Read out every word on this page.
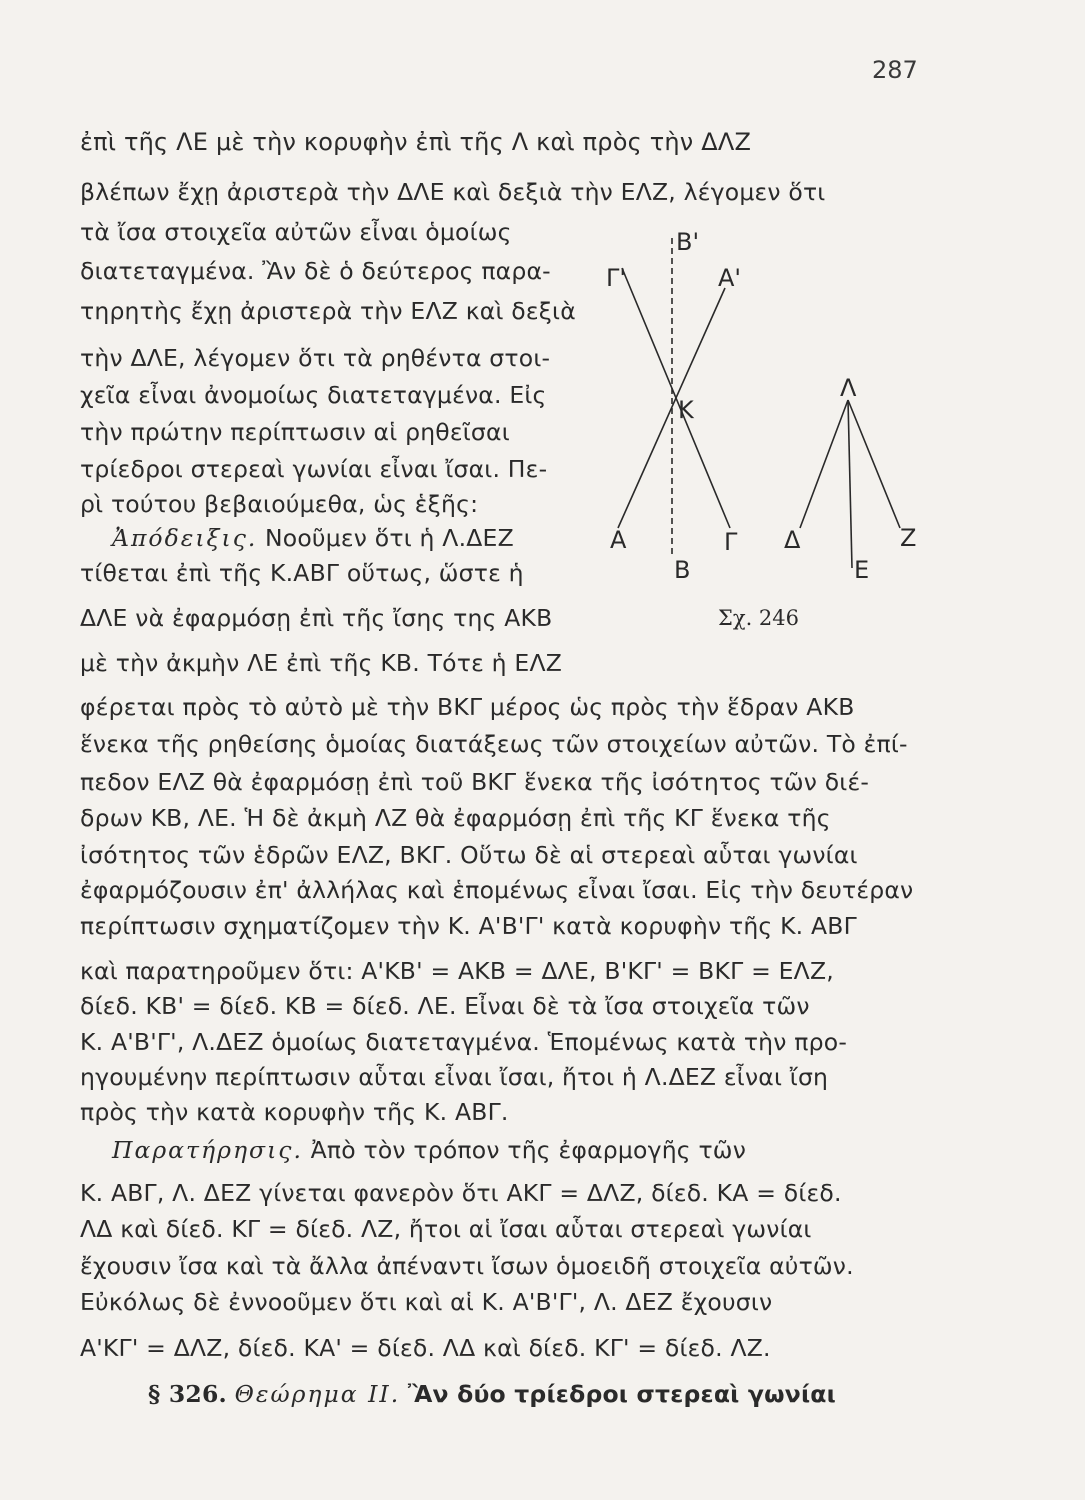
287
ἐπὶ τῆς ΛΕ μὲ τὴν κορυφὴν ἐπὶ τῆς Λ καὶ πρὸς τὴν ΔΛΖ
βλέπων ἔχῃ ἀριστερὰ τὴν ΔΛΕ καὶ δεξιὰ τὴν ΕΛΖ, λέγομεν ὅτι
τὰ ἴσα στοιχεῖα αὐτῶν εἶναι ὁμοίως
διατεταγμένα. Ἂν δὲ ὁ δεύτερος παρα-
τηρητὴς ἔχῃ ἀριστερὰ τὴν ΕΛΖ καὶ δεξιὰ
τὴν ΔΛΕ, λέγομεν ὅτι τὰ ρηθέντα στοι-
χεῖα εἶναι ἀνομοίως διατεταγμένα. Εἰς
τὴν πρώτην περίπτωσιν αἱ ρηθεῖσαι
τρίεδροι στερεαὶ γωνίαι εἶναι ἴσαι. Πε-
ρὶ τούτου βεβαιούμεθα, ὡς ἑξῆς:
Ἀπόδειξις. Νοοῦμεν ὅτι ἡ Λ.ΔΕΖ
τίθεται ἐπὶ τῆς Κ.ΑΒΓ οὕτως, ὥστε ἡ
ΔΛΕ νὰ ἐφαρμόσῃ ἐπὶ τῆς ἴσης της ΑΚΒ
μὲ τὴν ἀκμὴν ΛΕ ἐπὶ τῆς ΚΒ. Τότε ἡ ΕΛΖ
φέρεται πρὸς τὸ αὐτὸ μὲ τὴν ΒΚΓ μέρος ὡς πρὸς τὴν ἕδραν ΑΚΒ
ἕνεκα τῆς ρηθείσης ὁμοίας διατάξεως τῶν στοιχείων αὐτῶν. Τὸ ἐπί-
πεδον ΕΛΖ θὰ ἐφαρμόσῃ ἐπὶ τοῦ ΒΚΓ ἕνεκα τῆς ἰσότητος τῶν διέ-
δρων ΚΒ, ΛΕ. Ἡ δὲ ἀκμὴ ΛΖ θὰ ἐφαρμόσῃ ἐπὶ τῆς ΚΓ ἕνεκα τῆς
ἰσότητος τῶν ἑδρῶν ΕΛΖ, ΒΚΓ. Οὕτω δὲ αἱ στερεαὶ αὗται γωνίαι
ἐφαρμόζουσιν ἐπ' ἀλλήλας καὶ ἑπομένως εἶναι ἴσαι. Εἰς τὴν δευτέραν
περίπτωσιν σχηματίζομεν τὴν Κ. Α'Β'Γ' κατὰ κορυφὴν τῆς Κ. ΑΒΓ
καὶ παρατηροῦμεν ὅτι: Α'ΚΒ' = ΑΚΒ = ΔΛΕ, Β'ΚΓ' = ΒΚΓ = ΕΛΖ,
δίεδ. ΚΒ' = δίεδ. ΚΒ = δίεδ. ΛΕ. Εἶναι δὲ τὰ ἴσα στοιχεῖα τῶν
Κ. Α'Β'Γ', Λ.ΔΕΖ ὁμοίως διατεταγμένα. Ἑπομένως κατὰ τὴν προ-
ηγουμένην περίπτωσιν αὗται εἶναι ἴσαι, ἤτοι ἡ Λ.ΔΕΖ εἶναι ἴση
πρὸς τὴν κατὰ κορυφὴν τῆς Κ. ΑΒΓ.
Παρατήρησις. Ἀπὸ τὸν τρόπον τῆς ἐφαρμογῆς τῶν
Κ. ΑΒΓ, Λ. ΔΕΖ γίνεται φανερὸν ὅτι ΑΚΓ = ΔΛΖ, δίεδ. ΚΑ = δίεδ.
ΛΔ καὶ δίεδ. ΚΓ = δίεδ. ΛΖ, ἤτοι αἱ ἴσαι αὗται στερεαὶ γωνίαι
ἔχουσιν ἴσα καὶ τὰ ἄλλα ἀπέναντι ἴσων ὁμοειδῆ στοιχεῖα αὐτῶν.
Εὐκόλως δὲ ἐννοοῦμεν ὅτι καὶ αἱ Κ. Α'Β'Γ', Λ. ΔΕΖ ἔχουσιν
Α'ΚΓ' = ΔΛΖ, δίεδ. ΚΑ' = δίεδ. ΛΔ καὶ δίεδ. ΚΓ' = δίεδ. ΛΖ.
§ 326. Θεώρημα ΙΙ. Ἂν δύο τρίεδροι στερεαὶ γωνίαι
Β'
Γ'	Α'
Κ
Λ
Α	Γ
Β
Δ	Ζ
Ε
Σχ. 246
